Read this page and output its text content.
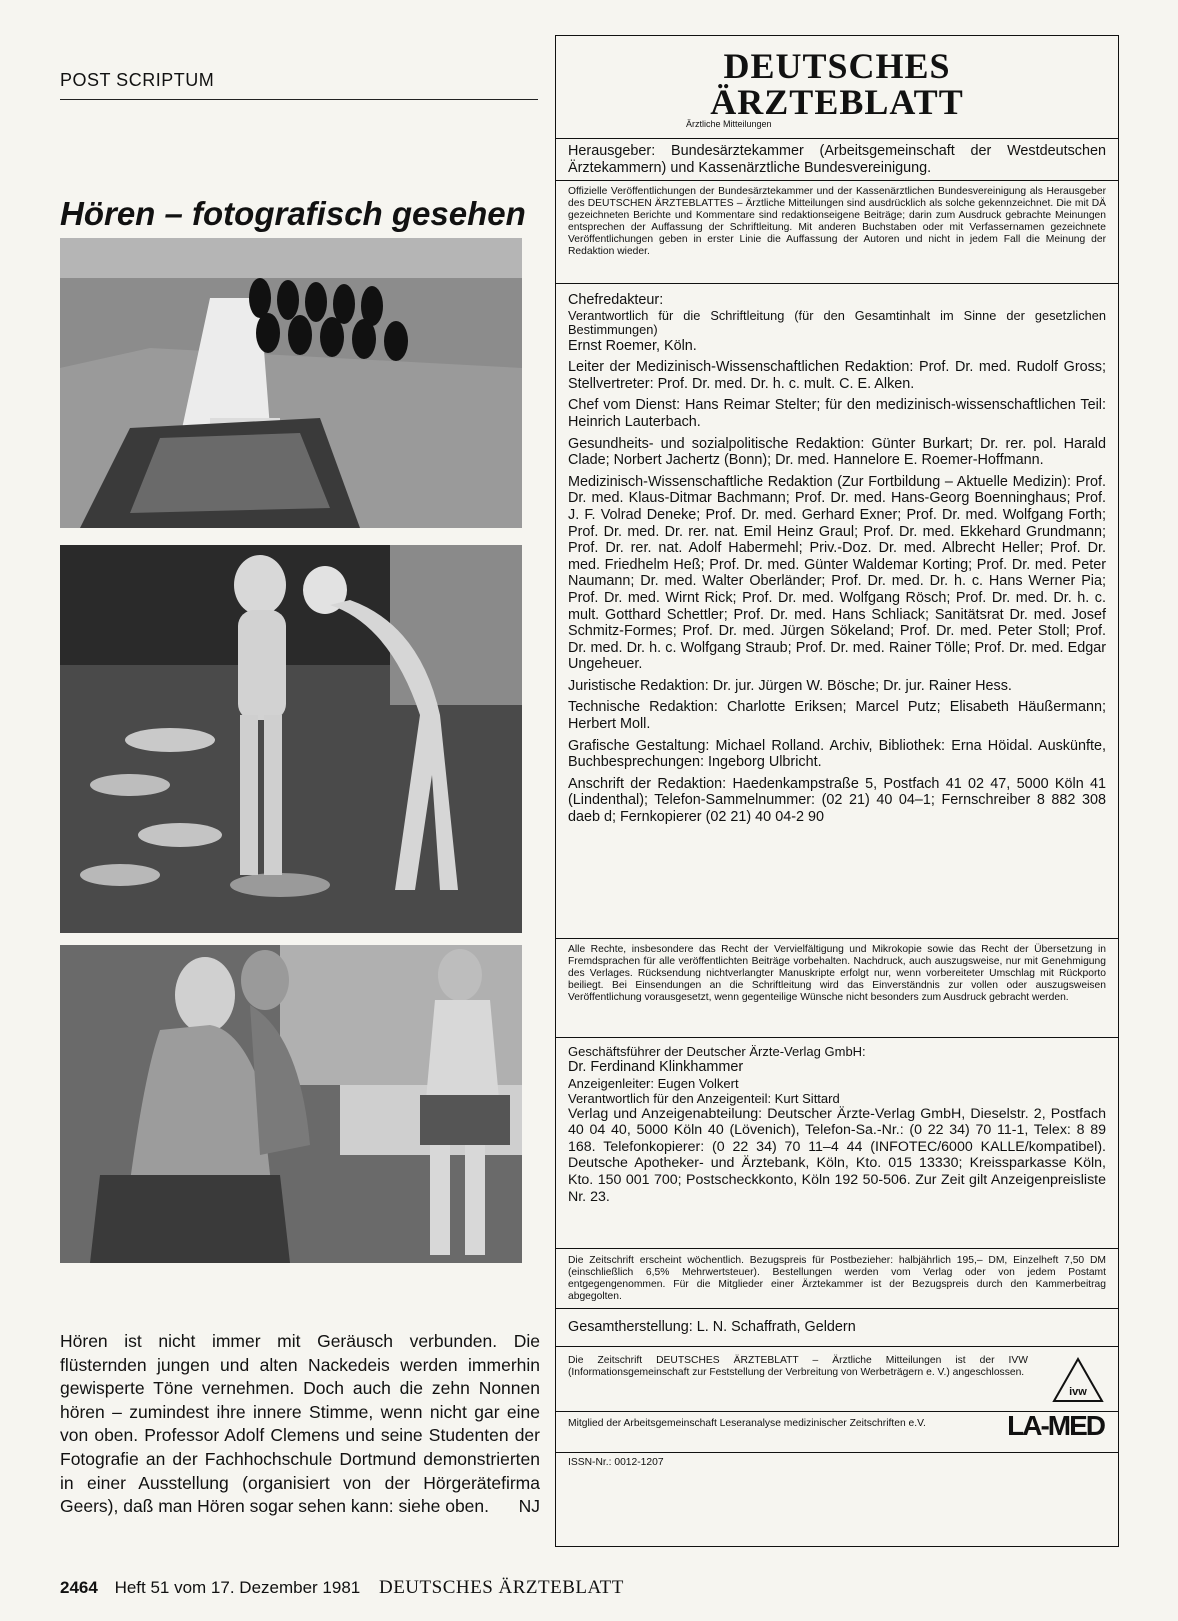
POST SCRIPTUM
Hören – fotografisch gesehen
Hören ist nicht immer mit Geräusch verbunden. Die flüsternden jungen und alten Nackedeis werden immerhin gewisperte Töne vernehmen. Doch auch die zehn Nonnen hören – zumindest ihre innere Stimme, wenn nicht gar eine von oben. Professor Adolf Clemens und seine Studenten der Fotografie an der Fachhochschule Dortmund demonstrierten in einer Ausstellung (organisiert von der Hörgerätefirma Geers), daß man Hören sogar sehen kann: siehe oben. NJ
2464 Heft 51 vom 17. Dezember 1981 DEUTSCHES ÄRZTEBLATT
DEUTSCHES
ÄRZTEBLATT
Ärztliche Mitteilungen
Herausgeber: Bundesärztekammer (Arbeitsgemeinschaft der Westdeutschen Ärztekammern) und Kassenärztliche Bundesvereinigung.
Offizielle Veröffentlichungen der Bundesärztekammer und der Kassenärztlichen Bundesvereinigung als Herausgeber des DEUTSCHEN ÄRZTEBLATTES – Ärztliche Mitteilungen sind ausdrücklich als solche gekennzeichnet. Die mit DÄ gezeichneten Berichte und Kommentare sind redaktionseigene Beiträge; darin zum Ausdruck gebrachte Meinungen entsprechen der Auffassung der Schriftleitung. Mit anderen Buchstaben oder mit Verfassernamen gezeichnete Veröffentlichungen geben in erster Linie die Auffassung der Autoren und nicht in jedem Fall die Meinung der Redaktion wieder.
Chefredakteur:
Verantwortlich für die Schriftleitung (für den Gesamtinhalt im Sinne der gesetzlichen Bestimmungen)
Ernst Roemer, Köln.
Leiter der Medizinisch-Wissenschaftlichen Redaktion: Prof. Dr. med. Rudolf Gross; Stellvertreter: Prof. Dr. med. Dr. h. c. mult. C. E. Alken.
Chef vom Dienst: Hans Reimar Stelter; für den medizinisch-wissenschaftlichen Teil: Heinrich Lauterbach.
Gesundheits- und sozialpolitische Redaktion: Günter Burkart; Dr. rer. pol. Harald Clade; Norbert Jachertz (Bonn); Dr. med. Hannelore E. Roemer-Hoffmann.
Medizinisch-Wissenschaftliche Redaktion (Zur Fortbildung – Aktuelle Medizin): Prof. Dr. med. Klaus-Ditmar Bachmann; Prof. Dr. med. Hans-Georg Boenninghaus; Prof. J. F. Volrad Deneke; Prof. Dr. med. Gerhard Exner; Prof. Dr. med. Wolfgang Forth; Prof. Dr. med. Dr. rer. nat. Emil Heinz Graul; Prof. Dr. med. Ekkehard Grundmann; Prof. Dr. rer. nat. Adolf Habermehl; Priv.-Doz. Dr. med. Albrecht Heller; Prof. Dr. med. Friedhelm Heß; Prof. Dr. med. Günter Waldemar Korting; Prof. Dr. med. Peter Naumann; Dr. med. Walter Oberländer; Prof. Dr. med. Dr. h. c. Hans Werner Pia; Prof. Dr. med. Wirnt Rick; Prof. Dr. med. Wolfgang Rösch; Prof. Dr. med. Dr. h. c. mult. Gotthard Schettler; Prof. Dr. med. Hans Schliack; Sanitätsrat Dr. med. Josef Schmitz-Formes; Prof. Dr. med. Jürgen Sökeland; Prof. Dr. med. Peter Stoll; Prof. Dr. med. Dr. h. c. Wolfgang Straub; Prof. Dr. med. Rainer Tölle; Prof. Dr. med. Edgar Ungeheuer.
Juristische Redaktion: Dr. jur. Jürgen W. Bösche; Dr. jur. Rainer Hess.
Technische Redaktion: Charlotte Eriksen; Marcel Putz; Elisabeth Häußermann; Herbert Moll.
Grafische Gestaltung: Michael Rolland. Archiv, Bibliothek: Erna Höidal. Auskünfte, Buchbesprechungen: Ingeborg Ulbricht.
Anschrift der Redaktion: Haedenkampstraße 5, Postfach 41 02 47, 5000 Köln 41 (Lindenthal); Telefon-Sammelnummer: (02 21) 40 04–1; Fernschreiber 8 882 308 daeb d; Fernkopierer (02 21) 40 04-2 90
Alle Rechte, insbesondere das Recht der Vervielfältigung und Mikrokopie sowie das Recht der Übersetzung in Fremdsprachen für alle veröffentlichten Beiträge vorbehalten. Nachdruck, auch auszugsweise, nur mit Genehmigung des Verlages. Rücksendung nichtverlangter Manuskripte erfolgt nur, wenn vorbereiteter Umschlag mit Rückporto beiliegt. Bei Einsendungen an die Schriftleitung wird das Einverständnis zur vollen oder auszugsweisen Veröffentlichung vorausgesetzt, wenn gegenteilige Wünsche nicht besonders zum Ausdruck gebracht werden.
Geschäftsführer der Deutscher Ärzte-Verlag GmbH:
Dr. Ferdinand Klinkhammer
Anzeigenleiter: Eugen Volkert
Verantwortlich für den Anzeigenteil: Kurt Sittard
Verlag und Anzeigenabteilung: Deutscher Ärzte-Verlag GmbH, Dieselstr. 2, Postfach 40 04 40, 5000 Köln 40 (Lövenich), Telefon-Sa.-Nr.: (0 22 34) 70 11-1, Telex: 8 89 168. Telefonkopierer: (0 22 34) 70 11–4 44 (INFOTEC/6000 KALLE/kompatibel). Deutsche Apotheker- und Ärztebank, Köln, Kto. 015 13330; Kreissparkasse Köln, Kto. 150 001 700; Postscheckkonto, Köln 192 50-506. Zur Zeit gilt Anzeigenpreisliste Nr. 23.
Die Zeitschrift erscheint wöchentlich. Bezugspreis für Postbezieher: halbjährlich 195,– DM, Einzelheft 7,50 DM (einschließlich 6,5% Mehrwertsteuer). Bestellungen werden vom Verlag oder von jedem Postamt entgegengenommen. Für die Mitglieder einer Ärztekammer ist der Bezugspreis durch den Kammerbeitrag abgegolten.
Gesamtherstellung: L. N. Schaffrath, Geldern
Die Zeitschrift DEUTSCHES ÄRZTEBLATT – Ärztliche Mitteilungen ist der IVW (Informationsgemeinschaft zur Feststellung der Verbreitung von Werbeträgern e. V.) angeschlossen.
ivw
Mitglied der Arbeitsgemeinschaft Leseranalyse medizinischer Zeitschriften e.V.	LA-MED
ISSN-Nr.: 0012-1207
